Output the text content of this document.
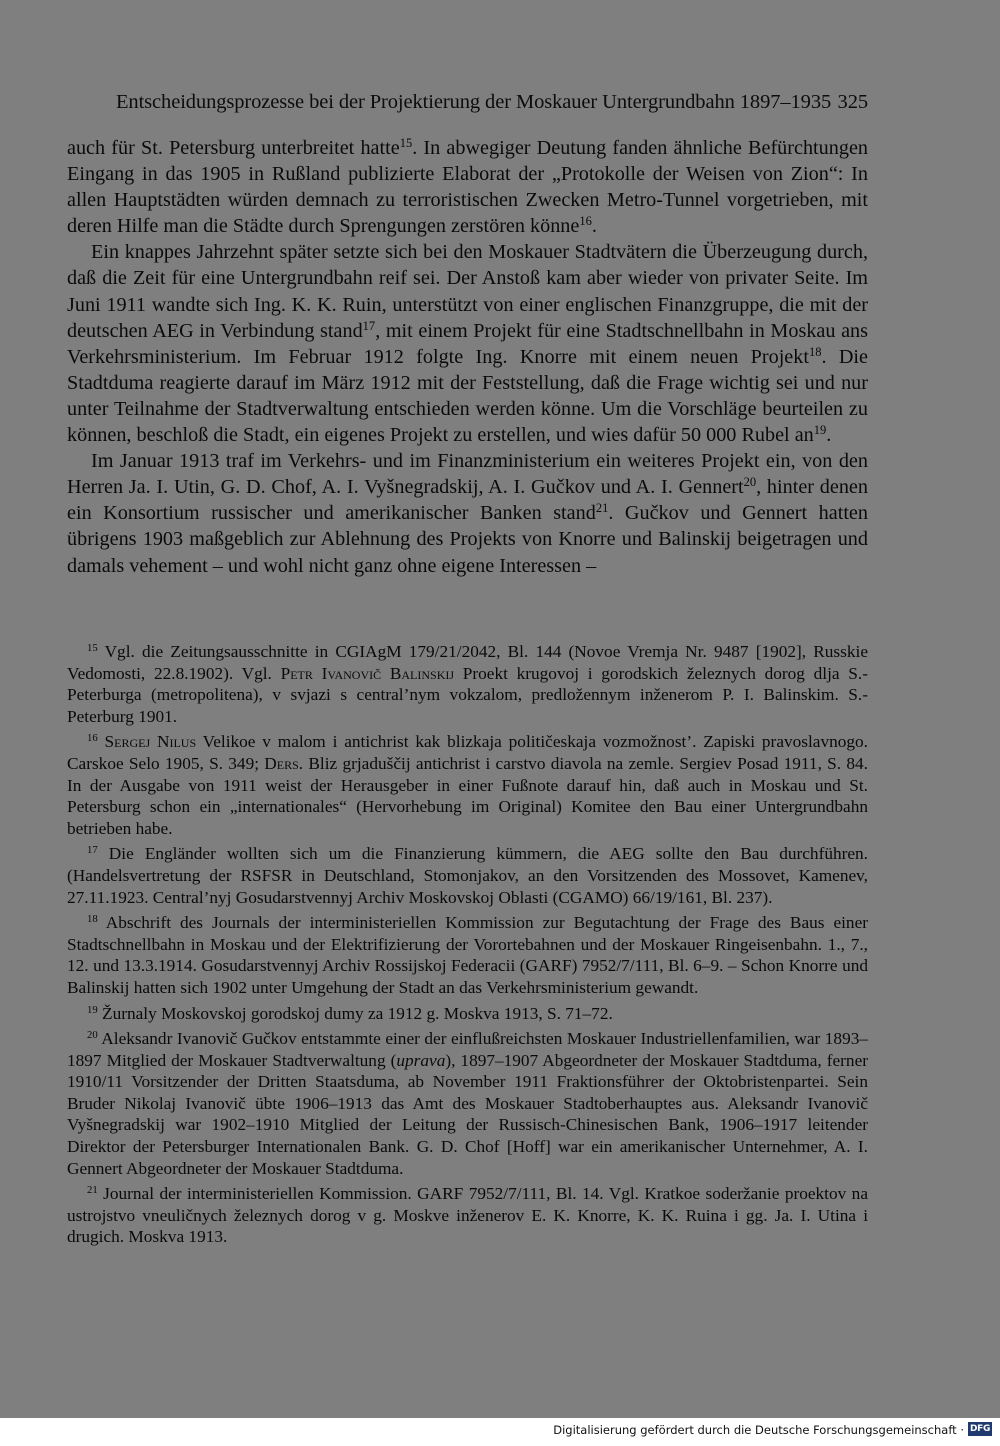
Entscheidungsprozesse bei der Projektierung der Moskauer Untergrundbahn 1897–1935 325

auch für St. Petersburg unterbreitet hatte$^{15}$. In abwegiger Deutung fanden ähnliche Befürchtungen Eingang in das 1905 in Rußland publizierte Elaborat der „Protokolle der Weisen von Zion“: In allen Hauptstädten würden demnach zu terroristischen Zwecken Metro-Tunnel vorgetrieben, mit deren Hilfe man die Städte durch Sprengungen zerstören könne$^{16}$.

Ein knappes Jahrzehnt später setzte sich bei den Moskauer Stadtvätern die Überzeugung durch, daß die Zeit für eine Untergrundbahn reif sei. Der Anstoß kam aber wieder von privater Seite. Im Juni 1911 wandte sich Ing. K. K. Ruin, unterstützt von einer englischen Finanzgruppe, die mit der deutschen AEG in Verbindung stand$^{17}$, mit einem Projekt für eine Stadtschnellbahn in Moskau ans Verkehrsministerium. Im Februar 1912 folgte Ing. Knorre mit einem neuen Projekt$^{18}$. Die Stadtduma reagierte darauf im März 1912 mit der Feststellung, daß die Frage wichtig sei und nur unter Teilnahme der Stadtverwaltung entschieden werden könne. Um die Vorschläge beurteilen zu können, beschloß die Stadt, ein eigenes Projekt zu erstellen, und wies dafür 50 000 Rubel $an^{19}$.

Im Januar 1913 traf im Verkehrs- und im Finanzministerium ein weiteres Projekt ein, von den Herren Ja. I. Utin, G. D. Chof, A. I. Vyšnegradskij, A. I. Gučkov und A. I. Gennert$^{20}$, hinter denen ein Konsortium russischer und amerikanischer Banken stand$^{21}$. Gučkov und Gennert hatten übrigens 1903 maßgeblich zur Ablehnung des Projekts von Knorre und Balinskij beigetragen und damals vehement – und wohl nicht ganz ohne eigene Interessen –

$^{15}$ Vgl. die Zeitungsausschnitte in CGIAgM 179/21/2042, Bl. 144 (Novoe Vremja Nr. 9487 [1902], Russkie Vedomosti, 22.8.1902). Vgl. Petr Ivanovič Balinskij Proekt krugovoj i gorodskich železnych dorog dlja S.-Peterburga (metropolitena), v svjazi s central’nym vokzalom, predložennym inženerom P. I. Balinskim. S.-Peterburg 1901.

$^{16}$ Sergej Nilus Velikoe v malom i antichrist kak blizkaja političeskaja vozmožnost’. Zapiski pravoslavnogo. Carskoe Selo 1905, S. 349; Ders. Bliz grjaduščij antichrist i carstvo diavola na zemle. Sergiev Posad 1911, S. 84. In der Ausgabe von 1911 weist der Herausgeber in einer Fußnote darauf hin, daß auch in Moskau und St. Petersburg schon ein „internationales“ (Hervorhebung im Original) Komitee den Bau einer Untergrundbahn betrieben habe.

$^{17}$ Die Engländer wollten sich um die Finanzierung kümmern, die AEG sollte den Bau durchführen. (Handelsvertretung der RSFSR in Deutschland, Stomonjakov, an den Vorsitzenden des Mossovet, Kamenev, 27.11.1923. Central’nyj Gosudarstvennyj Archiv Moskovskoj Oblasti (CGAMO) 66/19/161, Bl. 237).

$^{18}$ Abschrift des Journals der interministeriellen Kommission zur Begutachtung der Frage des Baus einer Stadtschnellbahn in Moskau und der Elektrifizierung der Vorortebahnen und der Moskauer Ringeisenbahn. 1., 7., 12. und 13.3.1914. Gosudarstvennyj Archiv Rossijskoj Federacii (GARF) 7952/7/111, Bl. 6–9. – Schon Knorre und Balinskij hatten sich 1902 unter Umgehung der Stadt an das Verkehrsministerium gewandt.

$^{19}$ Žurnaly Moskovskoj gorodskoj dumy za 1912 g. Moskva 1913, S. 71–72.

$^{20}$ Aleksandr Ivanovič Gučkov entstammte einer der einflußreichsten Moskauer Industriellenfamilien, war 1893–1897 Mitglied der Moskauer Stadtverwaltung (uprava), 1897–1907 Abgeordneter der Moskauer Stadtduma, ferner 1910/11 Vorsitzender der Dritten Staatsduma, ab November 1911 Fraktionsführer der Oktobristenpartei. Sein Bruder Nikolaj Ivanovič übte 1906–1913 das Amt des Moskauer Stadtoberhauptes aus. Aleksandr Ivanovič Vyšnegradskij war 1902–1910 Mitglied der Leitung der Russisch-Chinesischen Bank, 1906–1917 leitender Direktor der Petersburger Internationalen Bank. G. D. Chof [Hoff] war ein amerikanischer Unternehmer, A. I. Gennert Abgeordneter der Moskauer Stadtduma.

$^{21}$ Journal der interministeriellen Kommission. GARF 7952/7/111, Bl. 14. Vgl. Kratkoe soderžanie proektov na ustrojstvo vneuličnych železnych dorog v g. Moskve inženerov E. K. Knorre, K. K. Ruina i gg. Ja. I. Utina i drugich. Moskva 1913.

Digitalisierung gefördert durch die Deutsche Forschungsgemeinschaft · DFG
